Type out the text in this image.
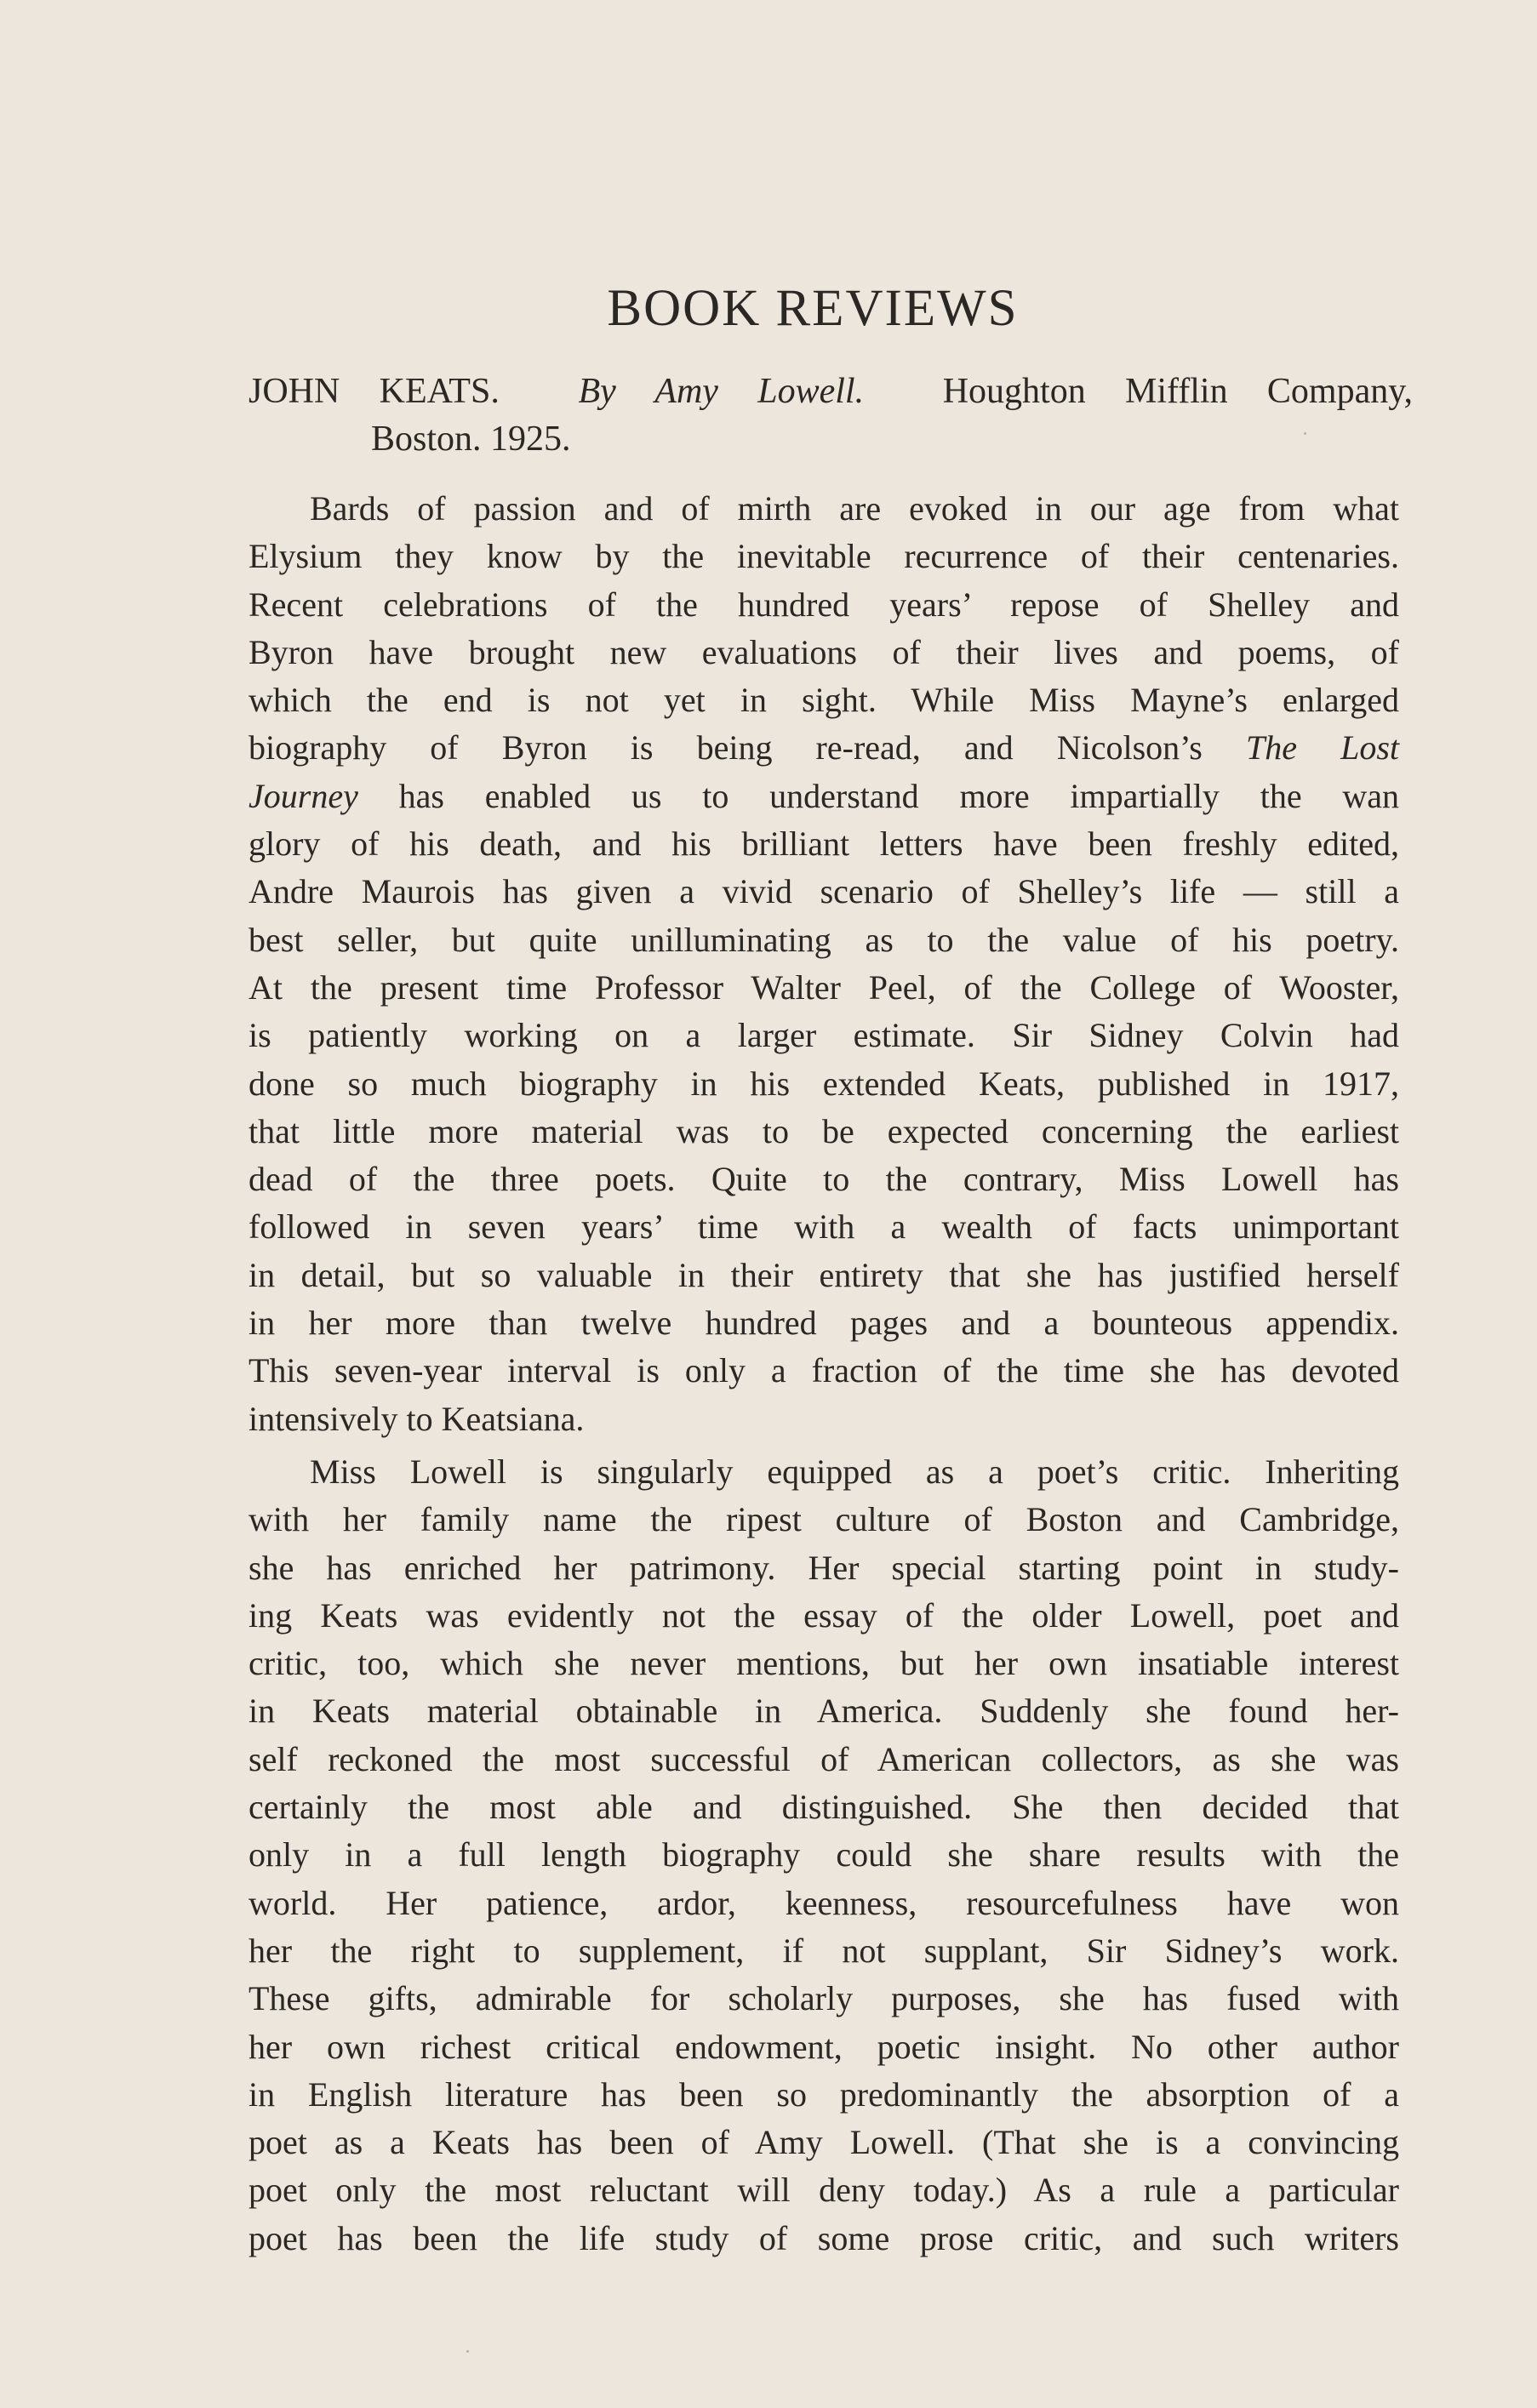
BOOK REVIEWS
JOHN KEATS. By Amy Lowell. Houghton Mifflin Company,
Boston. 1925.
Bards of passion and of mirth are evoked in our age from what
Elysium they know by the inevitable recurrence of their centenaries.
Recent celebrations of the hundred years’ repose of Shelley and
Byron have brought new evaluations of their lives and poems, of
which the end is not yet in sight. While Miss Mayne’s enlarged
biography of Byron is being re-read, and Nicolson’s The Lost
Journey has enabled us to understand more impartially the wan
glory of his death, and his brilliant letters have been freshly edited,
Andre Maurois has given a vivid scenario of Shelley’s life — still a
best seller, but quite unilluminating as to the value of his poetry.
At the present time Professor Walter Peel, of the College of Wooster,
is patiently working on a larger estimate. Sir Sidney Colvin had
done so much biography in his extended Keats, published in 1917,
that little more material was to be expected concerning the earliest
dead of the three poets. Quite to the contrary, Miss Lowell has
followed in seven years’ time with a wealth of facts unimportant
in detail, but so valuable in their entirety that she has justified herself
in her more than twelve hundred pages and a bounteous appendix.
This seven-year interval is only a fraction of the time she has devoted
intensively to Keatsiana.
Miss Lowell is singularly equipped as a poet’s critic. Inheriting
with her family name the ripest culture of Boston and Cambridge,
she has enriched her patrimony. Her special starting point in study-
ing Keats was evidently not the essay of the older Lowell, poet and
critic, too, which she never mentions, but her own insatiable interest
in Keats material obtainable in America. Suddenly she found her-
self reckoned the most successful of American collectors, as she was
certainly the most able and distinguished. She then decided that
only in a full length biography could she share results with the
world. Her patience, ardor, keenness, resourcefulness have won
her the right to supplement, if not supplant, Sir Sidney’s work.
These gifts, admirable for scholarly purposes, she has fused with
her own richest critical endowment, poetic insight. No other author
in English literature has been so predominantly the absorption of a
poet as a Keats has been of Amy Lowell. (That she is a convincing
poet only the most reluctant will deny today.) As a rule a particular
poet has been the life study of some prose critic, and such writers
